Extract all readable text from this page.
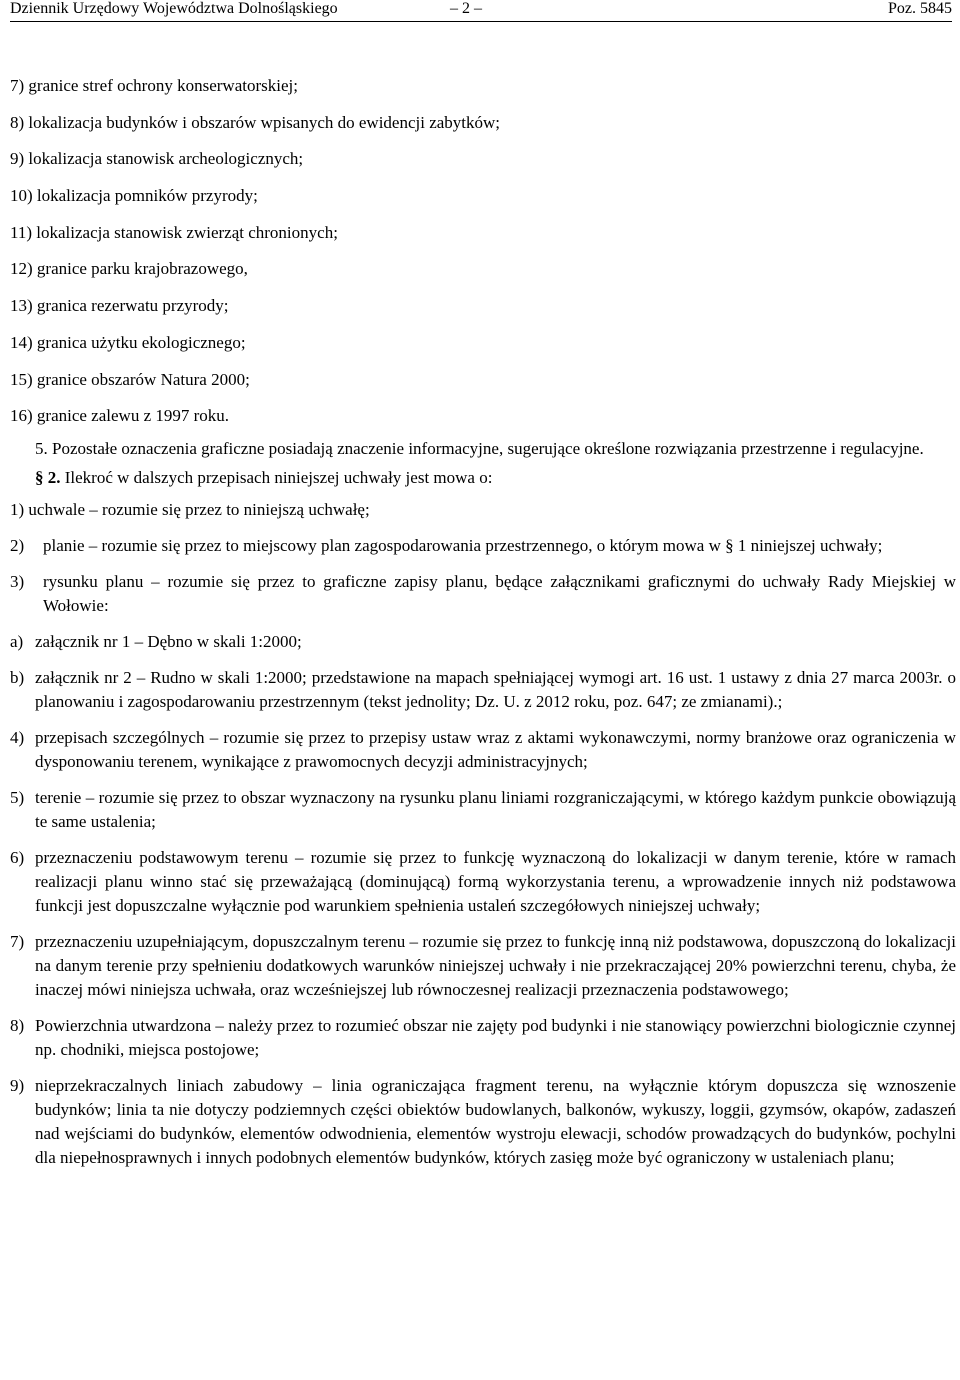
Dziennik Urzędowy Województwa Dolnośląskiego	– 2 –	Poz. 5845
7) granice stref ochrony konserwatorskiej;
8) lokalizacja budynków i obszarów wpisanych do ewidencji zabytków;
9) lokalizacja stanowisk archeologicznych;
10) lokalizacja pomników przyrody;
11) lokalizacja stanowisk zwierząt chronionych;
12) granice parku krajobrazowego,
13) granica rezerwatu przyrody;
14) granica użytku ekologicznego;
15) granice obszarów Natura 2000;
16) granice zalewu z 1997 roku.
5. Pozostałe oznaczenia graficzne posiadają znaczenie informacyjne, sugerujące określone rozwiązania przestrzenne i regulacyjne.
§ 2. Ilekroć w dalszych przepisach niniejszej uchwały jest mowa o:
1) uchwale – rozumie się przez to niniejszą uchwałę;
2) planie – rozumie się przez to miejscowy plan zagospodarowania przestrzennego, o którym mowa w § 1 niniejszej uchwały;
3) rysunku planu – rozumie się przez to graficzne zapisy planu, będące załącznikami graficznymi do uchwały Rady Miejskiej w Wołowie:
a) załącznik nr 1 – Dębno w skali 1:2000;
b) załącznik nr 2 – Rudno w skali 1:2000; przedstawione na mapach spełniającej wymogi art. 16 ust. 1 ustawy z dnia 27 marca 2003r. o planowaniu i zagospodarowaniu przestrzennym (tekst jednolity; Dz. U. z 2012 roku, poz. 647; ze zmianami).;
4) przepisach szczególnych – rozumie się przez to przepisy ustaw wraz z aktami wykonawczymi, normy branżowe oraz ograniczenia w dysponowaniu terenem, wynikające z prawomocnych decyzji administracyjnych;
5) terenie – rozumie się przez to obszar wyznaczony na rysunku planu liniami rozgraniczającymi, w którego każdym punkcie obowiązują te same ustalenia;
6) przeznaczeniu podstawowym terenu – rozumie się przez to funkcję wyznaczoną do lokalizacji w danym terenie, które w ramach realizacji planu winno stać się przeważającą (dominującą) formą wykorzystania terenu, a wprowadzenie innych niż podstawowa funkcji jest dopuszczalne wyłącznie pod warunkiem spełnienia ustaleń szczegółowych niniejszej uchwały;
7) przeznaczeniu uzupełniającym, dopuszczalnym terenu – rozumie się przez to funkcję inną niż podstawowa, dopuszczoną do lokalizacji na danym terenie przy spełnieniu dodatkowych warunków niniejszej uchwały i nie przekraczającej 20% powierzchni terenu, chyba, że inaczej mówi niniejsza uchwała, oraz wcześniejszej lub równoczesnej realizacji przeznaczenia podstawowego;
8) Powierzchnia utwardzona – należy przez to rozumieć obszar nie zajęty pod budynki i nie stanowiący powierzchni biologicznie czynnej np. chodniki, miejsca postojowe;
9) nieprzekraczalnych liniach zabudowy – linia ograniczająca fragment terenu, na wyłącznie którym dopuszcza się wznoszenie budynków; linia ta nie dotyczy podziemnych części obiektów budowlanych, balkonów, wykuszy, loggii, gzymsów, okapów, zadaszeń nad wejściami do budynków, elementów odwodnienia, elementów wystroju elewacji, schodów prowadzących do budynków, pochylni dla niepełnosprawnych i innych podobnych elementów budynków, których zasięg może być ograniczony w ustaleniach planu;
